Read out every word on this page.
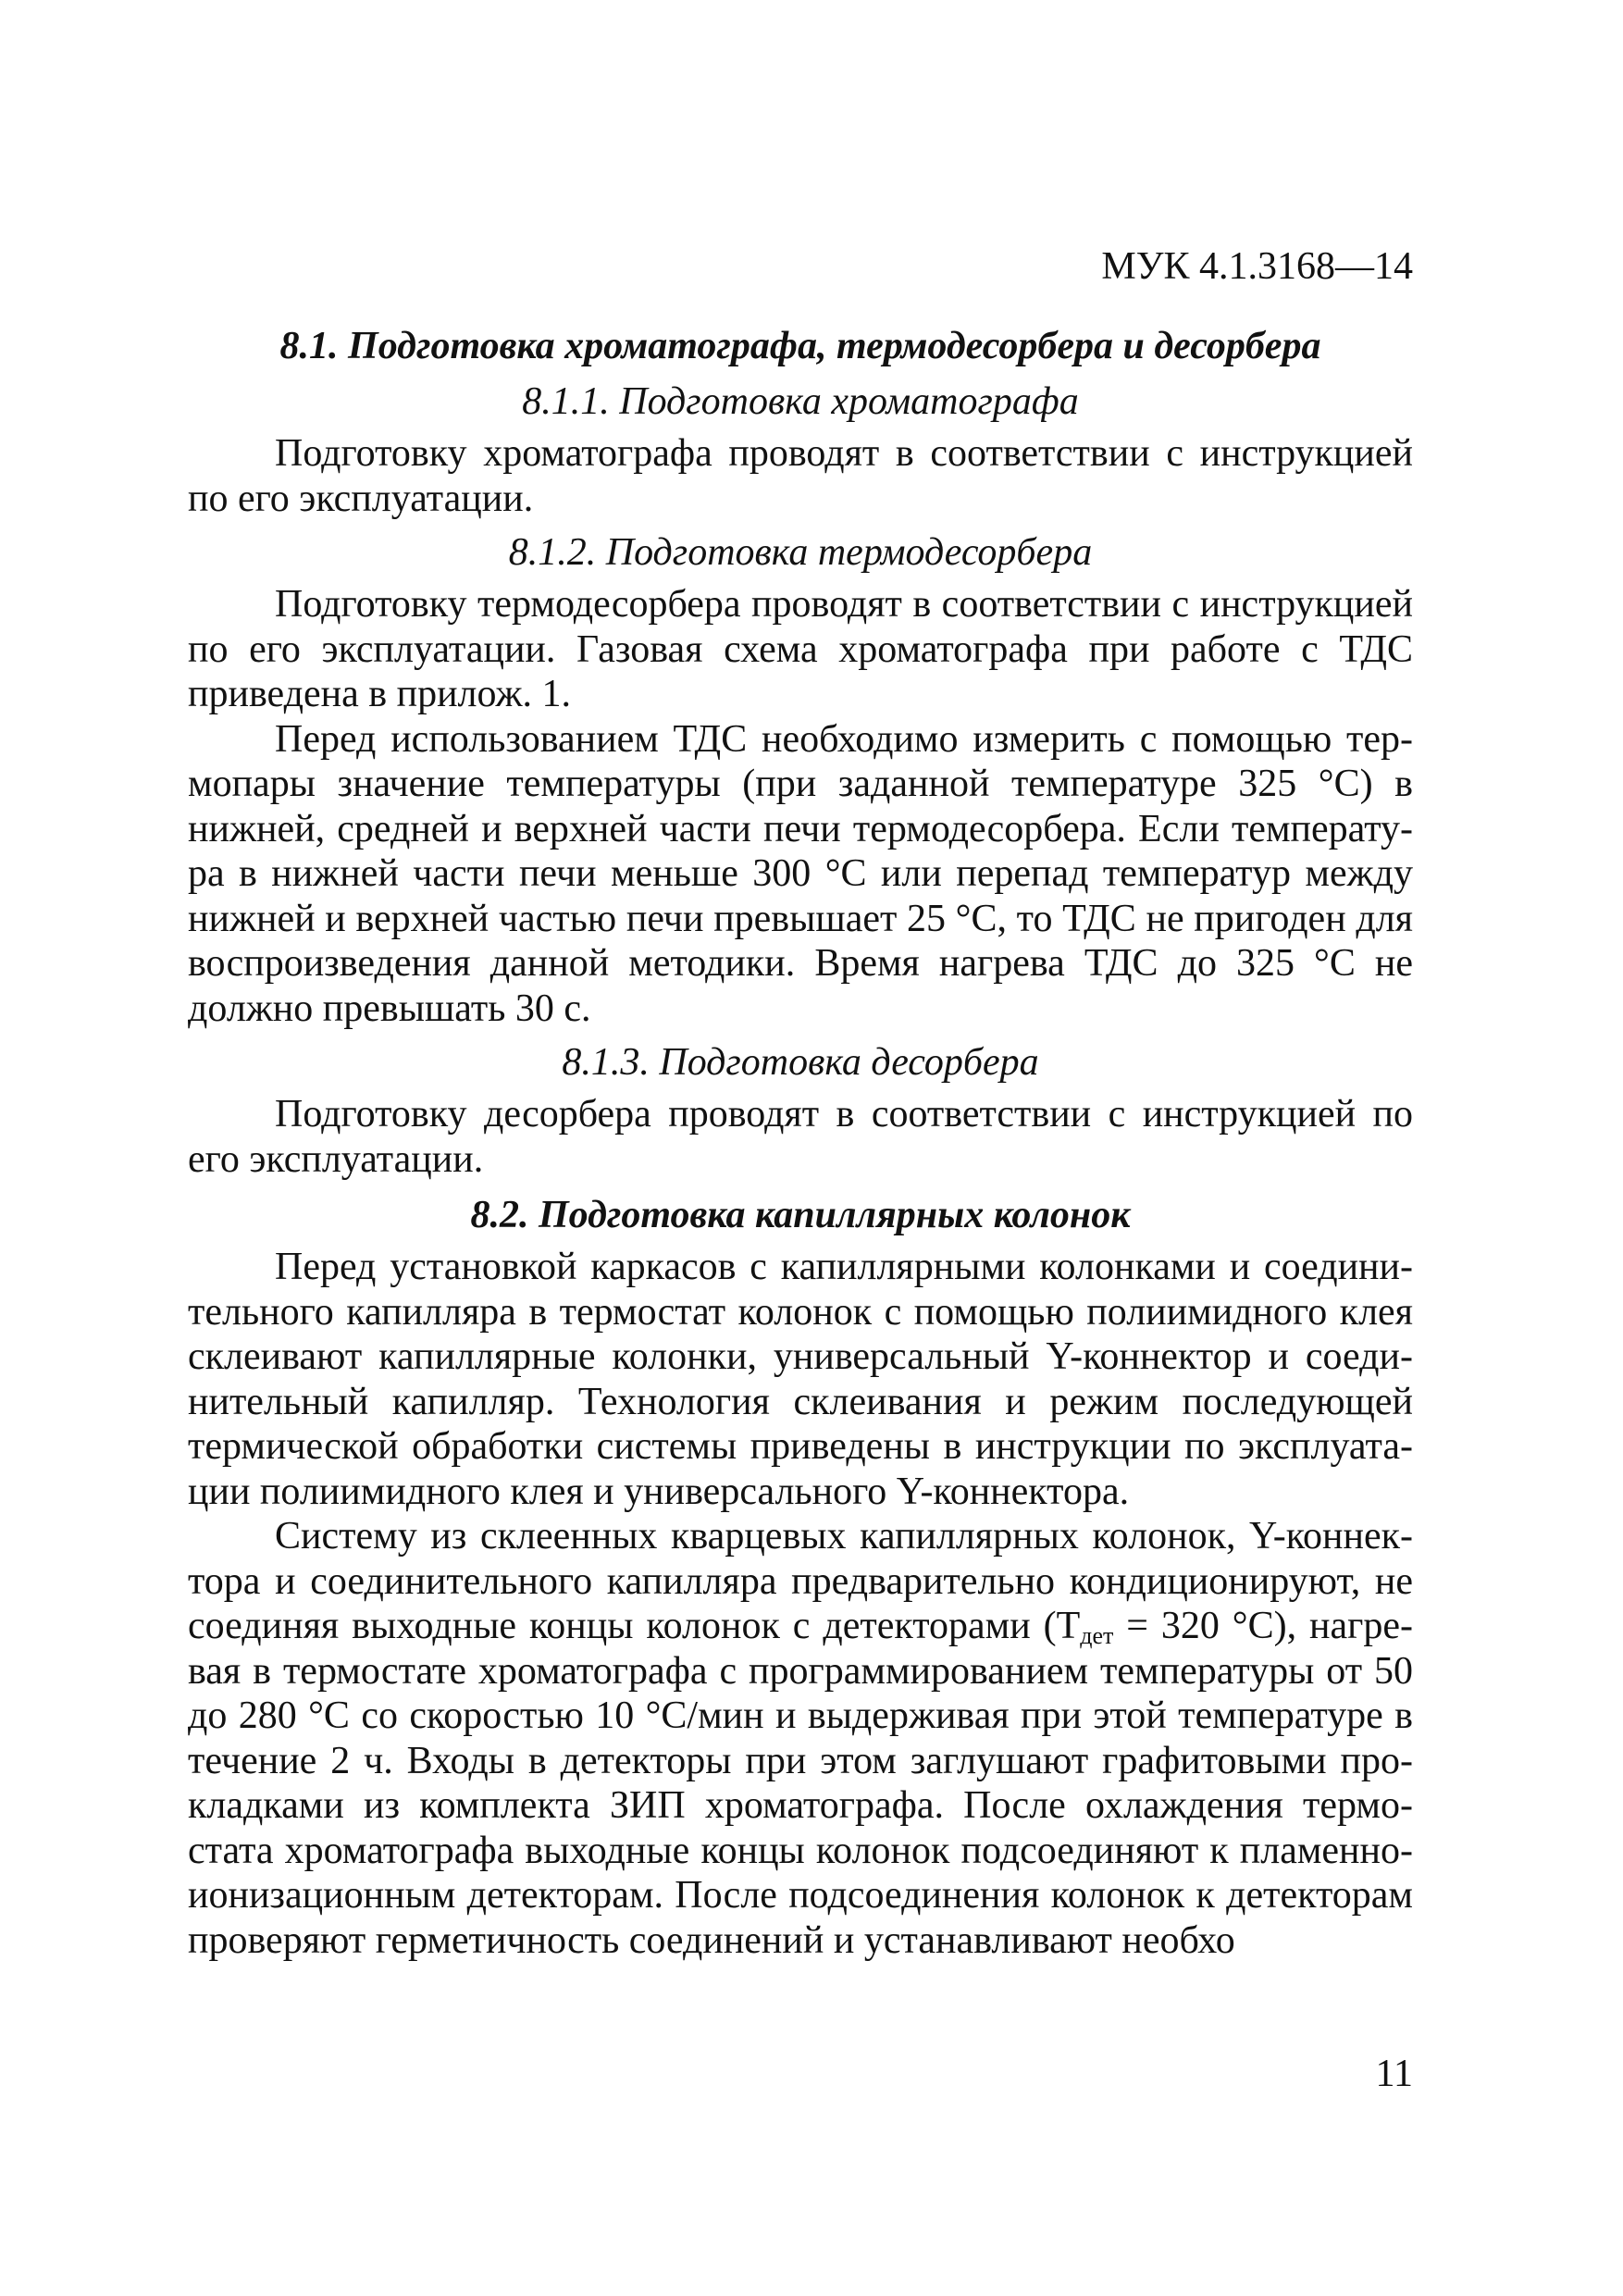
МУК 4.1.3168—14
8.1. Подготовка хроматографа, термодесорбера и десорбера
8.1.1. Подготовка хроматографа

Подготовку хроматографа проводят в соответствии с инструкцией по его эксплуатации.

8.1.2. Подготовка термодесорбера

Подготовку термодесорбера проводят в соответствии с инструкцией по его эксплуатации. Газовая схема хроматографа при работе с ТДС приведена в прилож. 1.

Перед использованием ТДС необходимо измерить с помощью термопары значение температуры (при заданной температуре 325 °С) в нижней, средней и верхней части печи термодесорбера. Если температура в нижней части печи меньше 300 °С или перепад температур между нижней и верхней частью печи превышает 25 °С, то ТДС не пригоден для воспроизведения данной методики. Время нагрева ТДС до 325 °С не должно превышать 30 с.

8.1.3. Подготовка десорбера

Подготовку десорбера проводят в соответствии с инструкцией по его эксплуатации.

8.2. Подготовка капиллярных колонок

Перед установкой каркасов с капиллярными колонками и соединительного капилляра в термостат колонок с помощью полиимидного клея склеивают капиллярные колонки, универсальный Y-коннектор и соединительный капилляр. Технология склеивания и режим последующей термической обработки системы приведены в инструкции по эксплуатации полиимидного клея и универсального Y-коннектора.

Систему из склеенных кварцевых капиллярных колонок, Y-коннектора и соединительного капилляра предварительно кондиционируют, не соединяя выходные концы колонок с детекторами ($Т_{дет} = 320$ °С), нагревая в термостате хроматографа с программированием температуры от 50 до 280 °С со скоростью 10 °С/мин и выдерживая при этой температуре в течение 2 ч. Входы в детекторы при этом заглушают графитовыми прокладками из комплекта ЗИП хроматографа. После охлаждения термостата хроматографа выходные концы колонок подсоединяют к пламенно-ионизационным детекторам. После подсоединения колонок к детекторам проверяют герметичность соединений и устанавливают необхо

11
